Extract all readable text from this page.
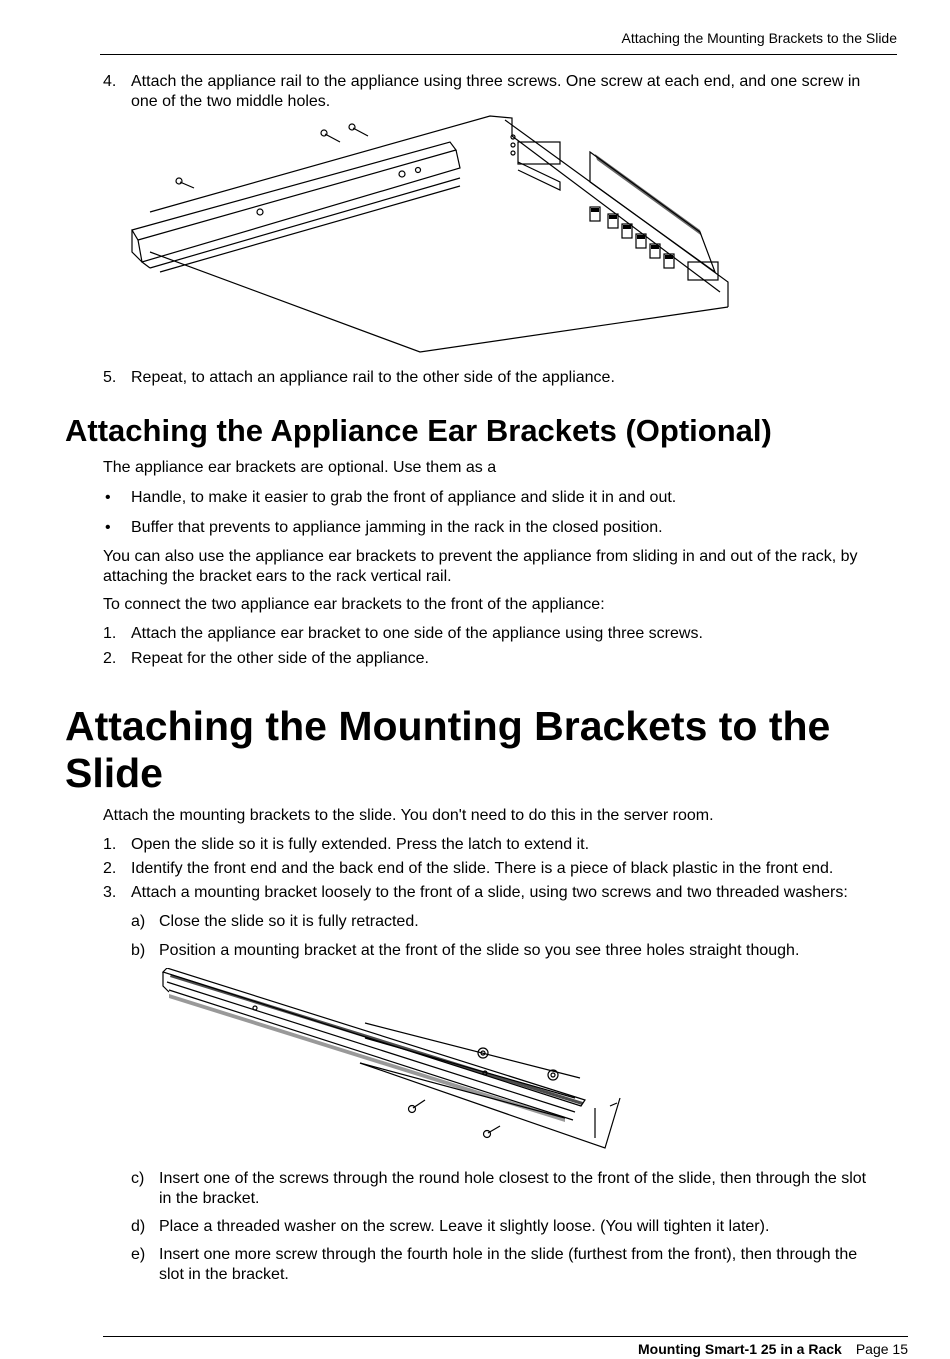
Attaching the Mounting Brackets to the Slide
4. Attach the appliance rail to the appliance using three screws. One screw at each end, and one screw in
one of the two middle holes.
5. Repeat, to attach an appliance rail to the other side of the appliance.
Attaching the Appliance Ear Brackets (Optional)
The appliance ear brackets are optional. Use them as a
• Handle, to make it easier to grab the front of appliance and slide it in and out.
• Buffer that prevents to appliance jamming in the rack in the closed position.
You can also use the appliance ear brackets to prevent the appliance from sliding in and out of the rack, by
attaching the bracket ears to the rack vertical rail.
To connect the two appliance ear brackets to the front of the appliance:
1. Attach the appliance ear bracket to one side of the appliance using three screws.
2. Repeat for the other side of the appliance.
Attaching the Mounting Brackets to the
Slide
Attach the mounting brackets to the slide. You don't need to do this in the server room.
1. Open the slide so it is fully extended. Press the latch to extend it.
2. Identify the front end and the back end of the slide. There is a piece of black plastic in the front end.
3. Attach a mounting bracket loosely to the front of a slide, using two screws and two threaded washers:
a) Close the slide so it is fully retracted.
b) Position a mounting bracket at the front of the slide so you see three holes straight though.
c) Insert one of the screws through the round hole closest to the front of the slide, then through the slot
in the bracket.
d) Place a threaded washer on the screw. Leave it slightly loose. (You will tighten it later).
e) Insert one more screw through the fourth hole in the slide (furthest from the front), then through the
slot in the bracket.
Mounting Smart-1 25 in a Rack Page 15
